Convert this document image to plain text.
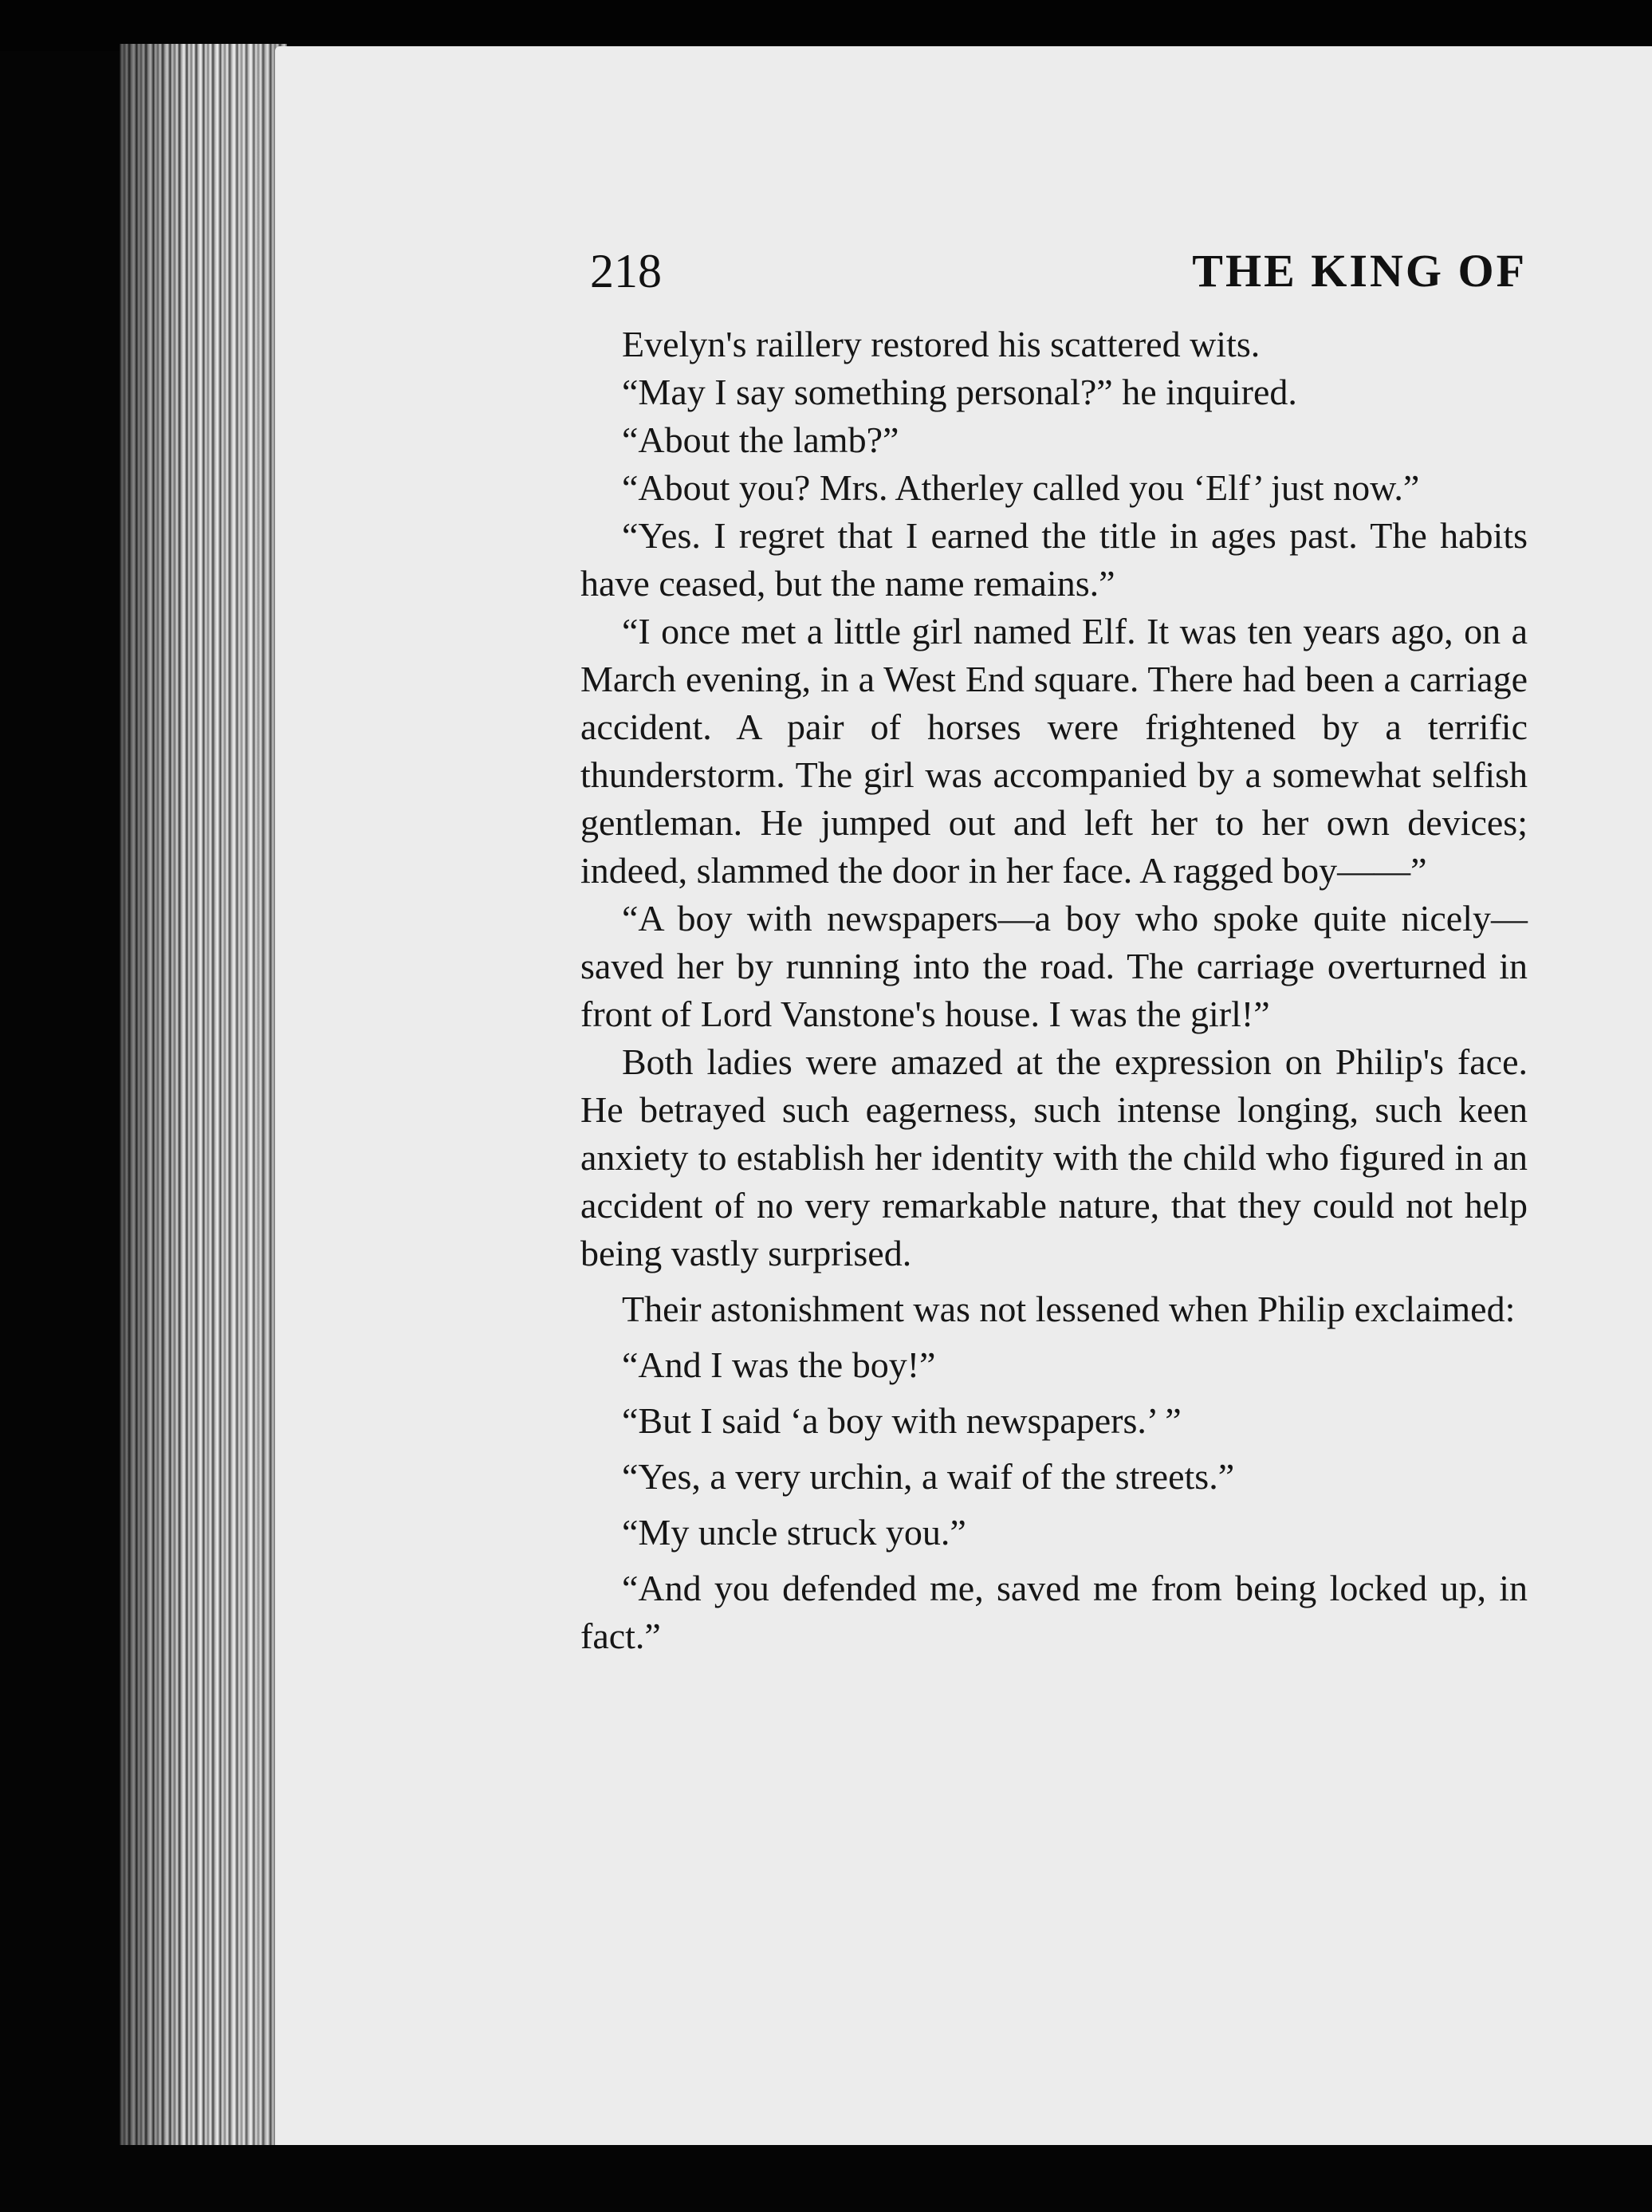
218	THE KING OF

Evelyn's raillery restored his scattered wits.

“May I say something personal?” he inquired.

“About the lamb?”

“About you? Mrs. Atherley called you ‘Elf’ just now.”

“Yes. I regret that I earned the title in ages past. The habits have ceased, but the name remains.”

“I once met a little girl named Elf. It was ten years ago, on a March evening, in a West End square. There had been a carriage accident. A pair of horses were frightened by a terrific thunderstorm. The girl was accompanied by a somewhat selfish gentleman. He jumped out and left her to her own devices; indeed, slammed the door in her face. A ragged boy——”

“A boy with newspapers—a boy who spoke quite nicely—saved her by running into the road. The carriage overturned in front of Lord Vanstone's house. I was the girl!”

Both ladies were amazed at the expression on Philip's face. He betrayed such eagerness, such intense longing, such keen anxiety to establish her identity with the child who figured in an accident of no very remarkable nature, that they could not help being vastly surprised.

Their astonishment was not lessened when Philip exclaimed:

“And I was the boy!”

“But I said ‘a boy with newspapers.’ ”

“Yes, a very urchin, a waif of the streets.”

“My uncle struck you.”

“And you defended me, saved me from being locked up, in fact.”
